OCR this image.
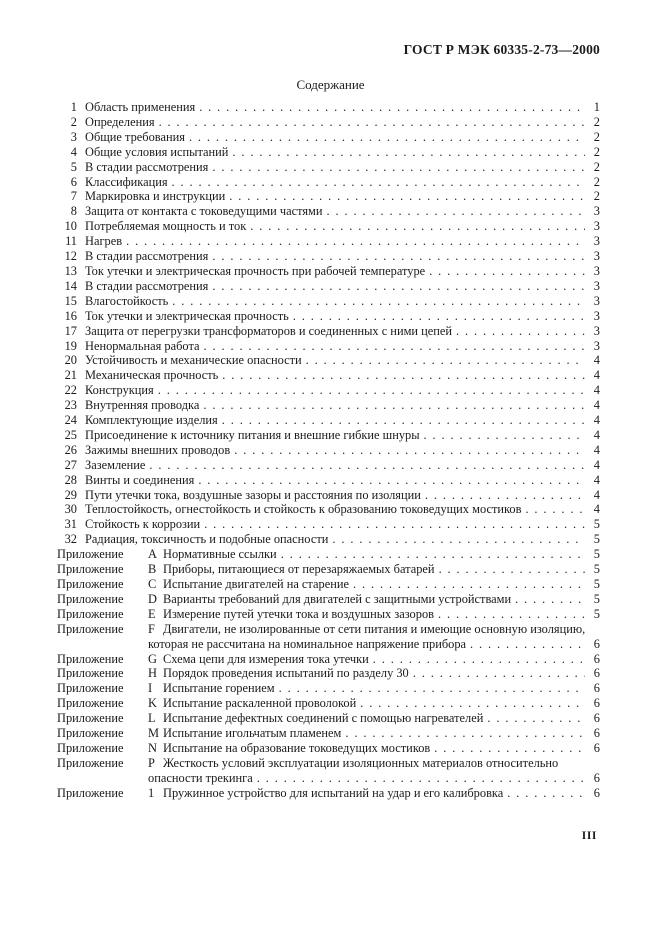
ГОСТ Р МЭК 60335-2-73—2000
Содержание
1 Область применения . . .	1
2 Определения . . .	2
3 Общие требования . . .	2
4 Общие условия испытаний . . .	2
5 В стадии рассмотрения . . .	2
6 Классификация . . .	2
7 Маркировка и инструкции . . .	2
8 Защита от контакта с токоведущими частями . . .	3
10 Потребляемая мощность и ток . . .	3
11 Нагрев . . .	3
12 В стадии рассмотрения . . .	3
13 Ток утечки и электрическая прочность при рабочей температуре . . .	3
14 В стадии рассмотрения . . .	3
15 Влагостойкость . . .	3
16 Ток утечки и электрическая прочность . . .	3
17 Защита от перегрузки трансформаторов и соединенных с ними цепей . . .	3
19 Ненормальная работа . . .	3
20 Устойчивость и механические опасности . . .	4
21 Механическая прочность . . .	4
22 Конструкция . . .	4
23 Внутренняя проводка . . .	4
24 Комплектующие изделия . . .	4
25 Присоединение к источнику питания и внешние гибкие шнуры . . .	4
26 Зажимы внешних проводов . . .	4
27 Заземление . . .	4
28 Винты и соединения . . .	4
29 Пути утечки тока, воздушные зазоры и расстояния по изоляции . . .	4
30 Теплостойкость, огнестойкость и стойкость к образованию токоведущих мостиков . . .	4
31 Стойкость к коррозии . . .	5
32 Радиация, токсичность и подобные опасности . . .	5
Приложение	A Нормативные ссылки . . .	5
Приложение	B Приборы, питающиеся от перезаряжаемых батарей . . .	5
Приложение	C Испытание двигателей на старение . . .	5
Приложение	D Варианты требований для двигателей с защитными устройствами . . .	5
Приложение	E Измерение путей утечки тока и воздушных зазоров . . .	5
Приложение	F Двигатели, не изолированные от сети питания и имеющие основную изоляцию,
которая не рассчитана на номинальное напряжение прибора . . .	6
Приложение	G Схема цепи для измерения тока утечки . . .	6
Приложение	H Порядок проведения испытаний по разделу 30 . . .	6
Приложение	I Испытание горением . . .	6
Приложение	K Испытание раскаленной проволокой . . .	6
Приложение	L Испытание дефектных соединений с помощью нагревателей . . .	6
Приложение	M Испытание игольчатым пламенем . . .	6
Приложение	N Испытание на образование токоведущих мостиков . . .	6
Приложение	P Жесткость условий эксплуатации изоляционных материалов относительно
опасности трекинга . . .	6
Приложение	1 Пружинное устройство для испытаний на удар и его калибровка . . .	6
III
